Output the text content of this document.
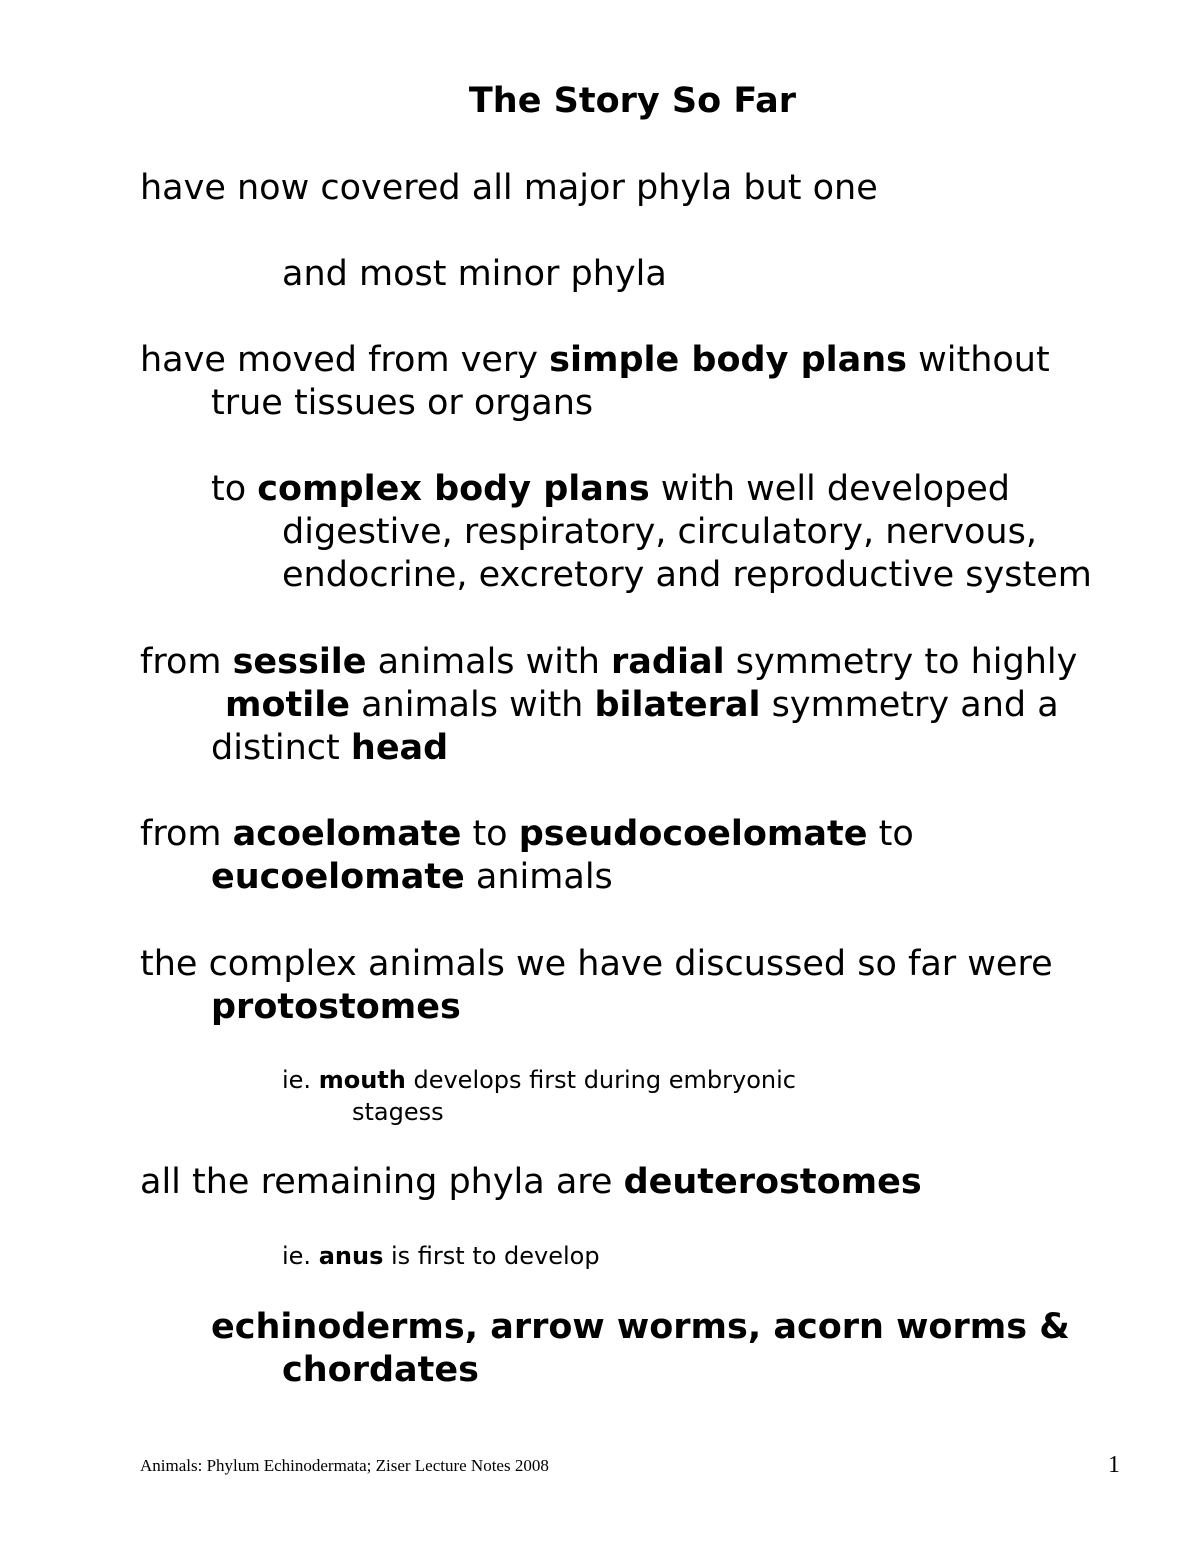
The Story So Far

have now covered all major phyla but one

and most minor phyla

have moved from very simple body plans without

true tissues or organs

to complex body plans with well developed

digestive, respiratory, circulatory, nervous,

endocrine, excretory and reproductive system

from sessile animals with radial symmetry to highly

motile animals with bilateral symmetry and a

distinct head

from acoelomate to pseudocoelomate to

eucoelomate animals

the complex animals we have discussed so far were

protostomes

ie. mouth develops first during embryonic

stagess

all the remaining phyla are deuterostomes

ie. anus is first to develop

echinoderms, arrow worms, acorn worms &

chordates

Animals: Phylum Echinodermata; Ziser Lecture Notes 2008	1
